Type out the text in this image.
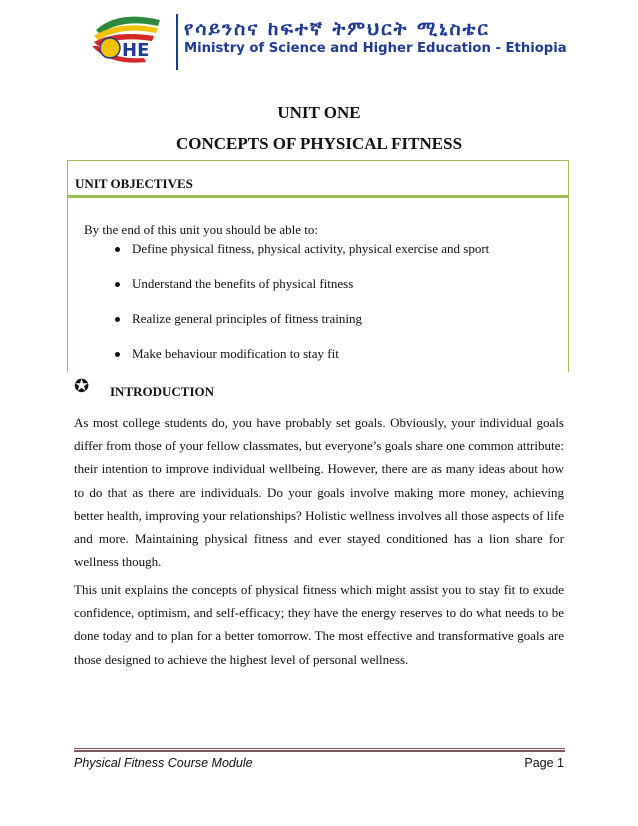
HE
የሳይንስና ከፍተኛ ትምህርት ሚኒስቴር
Ministry of Science and Higher Education - Ethiopia
UNIT ONE
CONCEPTS OF PHYSICAL FITNESS
UNIT OBJECTIVES
By the end of this unit you should be able to:
Define physical fitness, physical activity, physical exercise and sport
Understand the benefits of physical fitness
Realize general principles of fitness training
Make behaviour modification to stay fit
✪ INTRODUCTION

As most college students do, you have probably set goals. Obviously, your individual goals differ from those of your fellow classmates, but everyone’s goals share one common attribute: their intention to improve individual wellbeing. However, there are as many ideas about how to do that as there are individuals. Do your goals involve making more money, achieving better health, improving your relationships? Holistic wellness involves all those aspects of life and more. Maintaining physical fitness and ever stayed conditioned has a lion share for wellness though.

This unit explains the concepts of physical fitness which might assist you to stay fit to exude confidence, optimism, and self-efficacy; they have the energy reserves to do what needs to be done today and to plan for a better tomorrow. The most effective and transformative goals are those designed to achieve the highest level of personal wellness.

Physical Fitness Course Module	Page 1
